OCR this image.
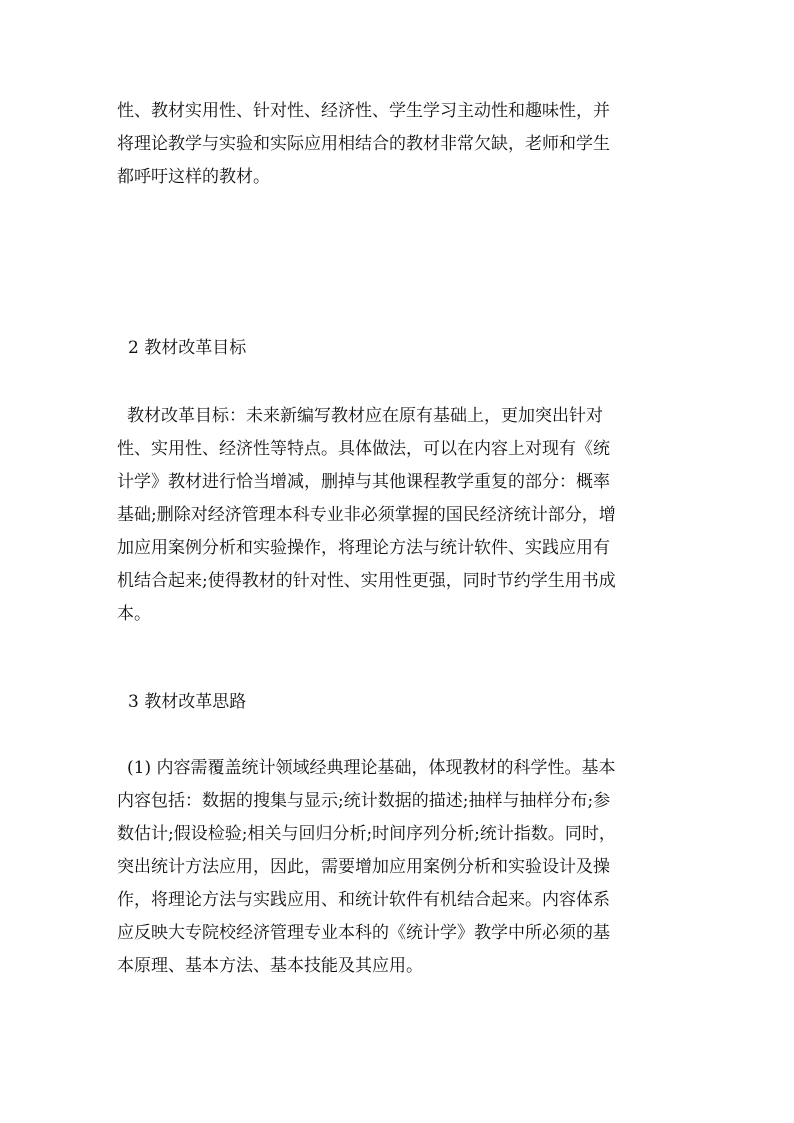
性、教材实用性、针对性、经济性、学生学习主动性和趣味性，并
将理论教学与实验和实际应用相结合的教材非常欠缺，老师和学生
都呼吁这样的教材。
2 教材改革目标
教材改革目标：未来新编写教材应在原有基础上，更加突出针对
性、实用性、经济性等特点。具体做法，可以在内容上对现有《统
计学》教材进行恰当增减，删掉与其他课程教学重复的部分：概率
基础;删除对经济管理本科专业非必须掌握的国民经济统计部分，增
加应用案例分析和实验操作，将理论方法与统计软件、实践应用有
机结合起来;使得教材的针对性、实用性更强，同时节约学生用书成
本。
3 教材改革思路
(1) 内容需覆盖统计领域经典理论基础，体现教材的科学性。基本
内容包括：数据的搜集与显示;统计数据的描述;抽样与抽样分布;参
数估计;假设检验;相关与回归分析;时间序列分析;统计指数。同时，
突出统计方法应用，因此，需要增加应用案例分析和实验设计及操
作，将理论方法与实践应用、和统计软件有机结合起来。内容体系
应反映大专院校经济管理专业本科的《统计学》教学中所必须的基
本原理、基本方法、基本技能及其应用。
